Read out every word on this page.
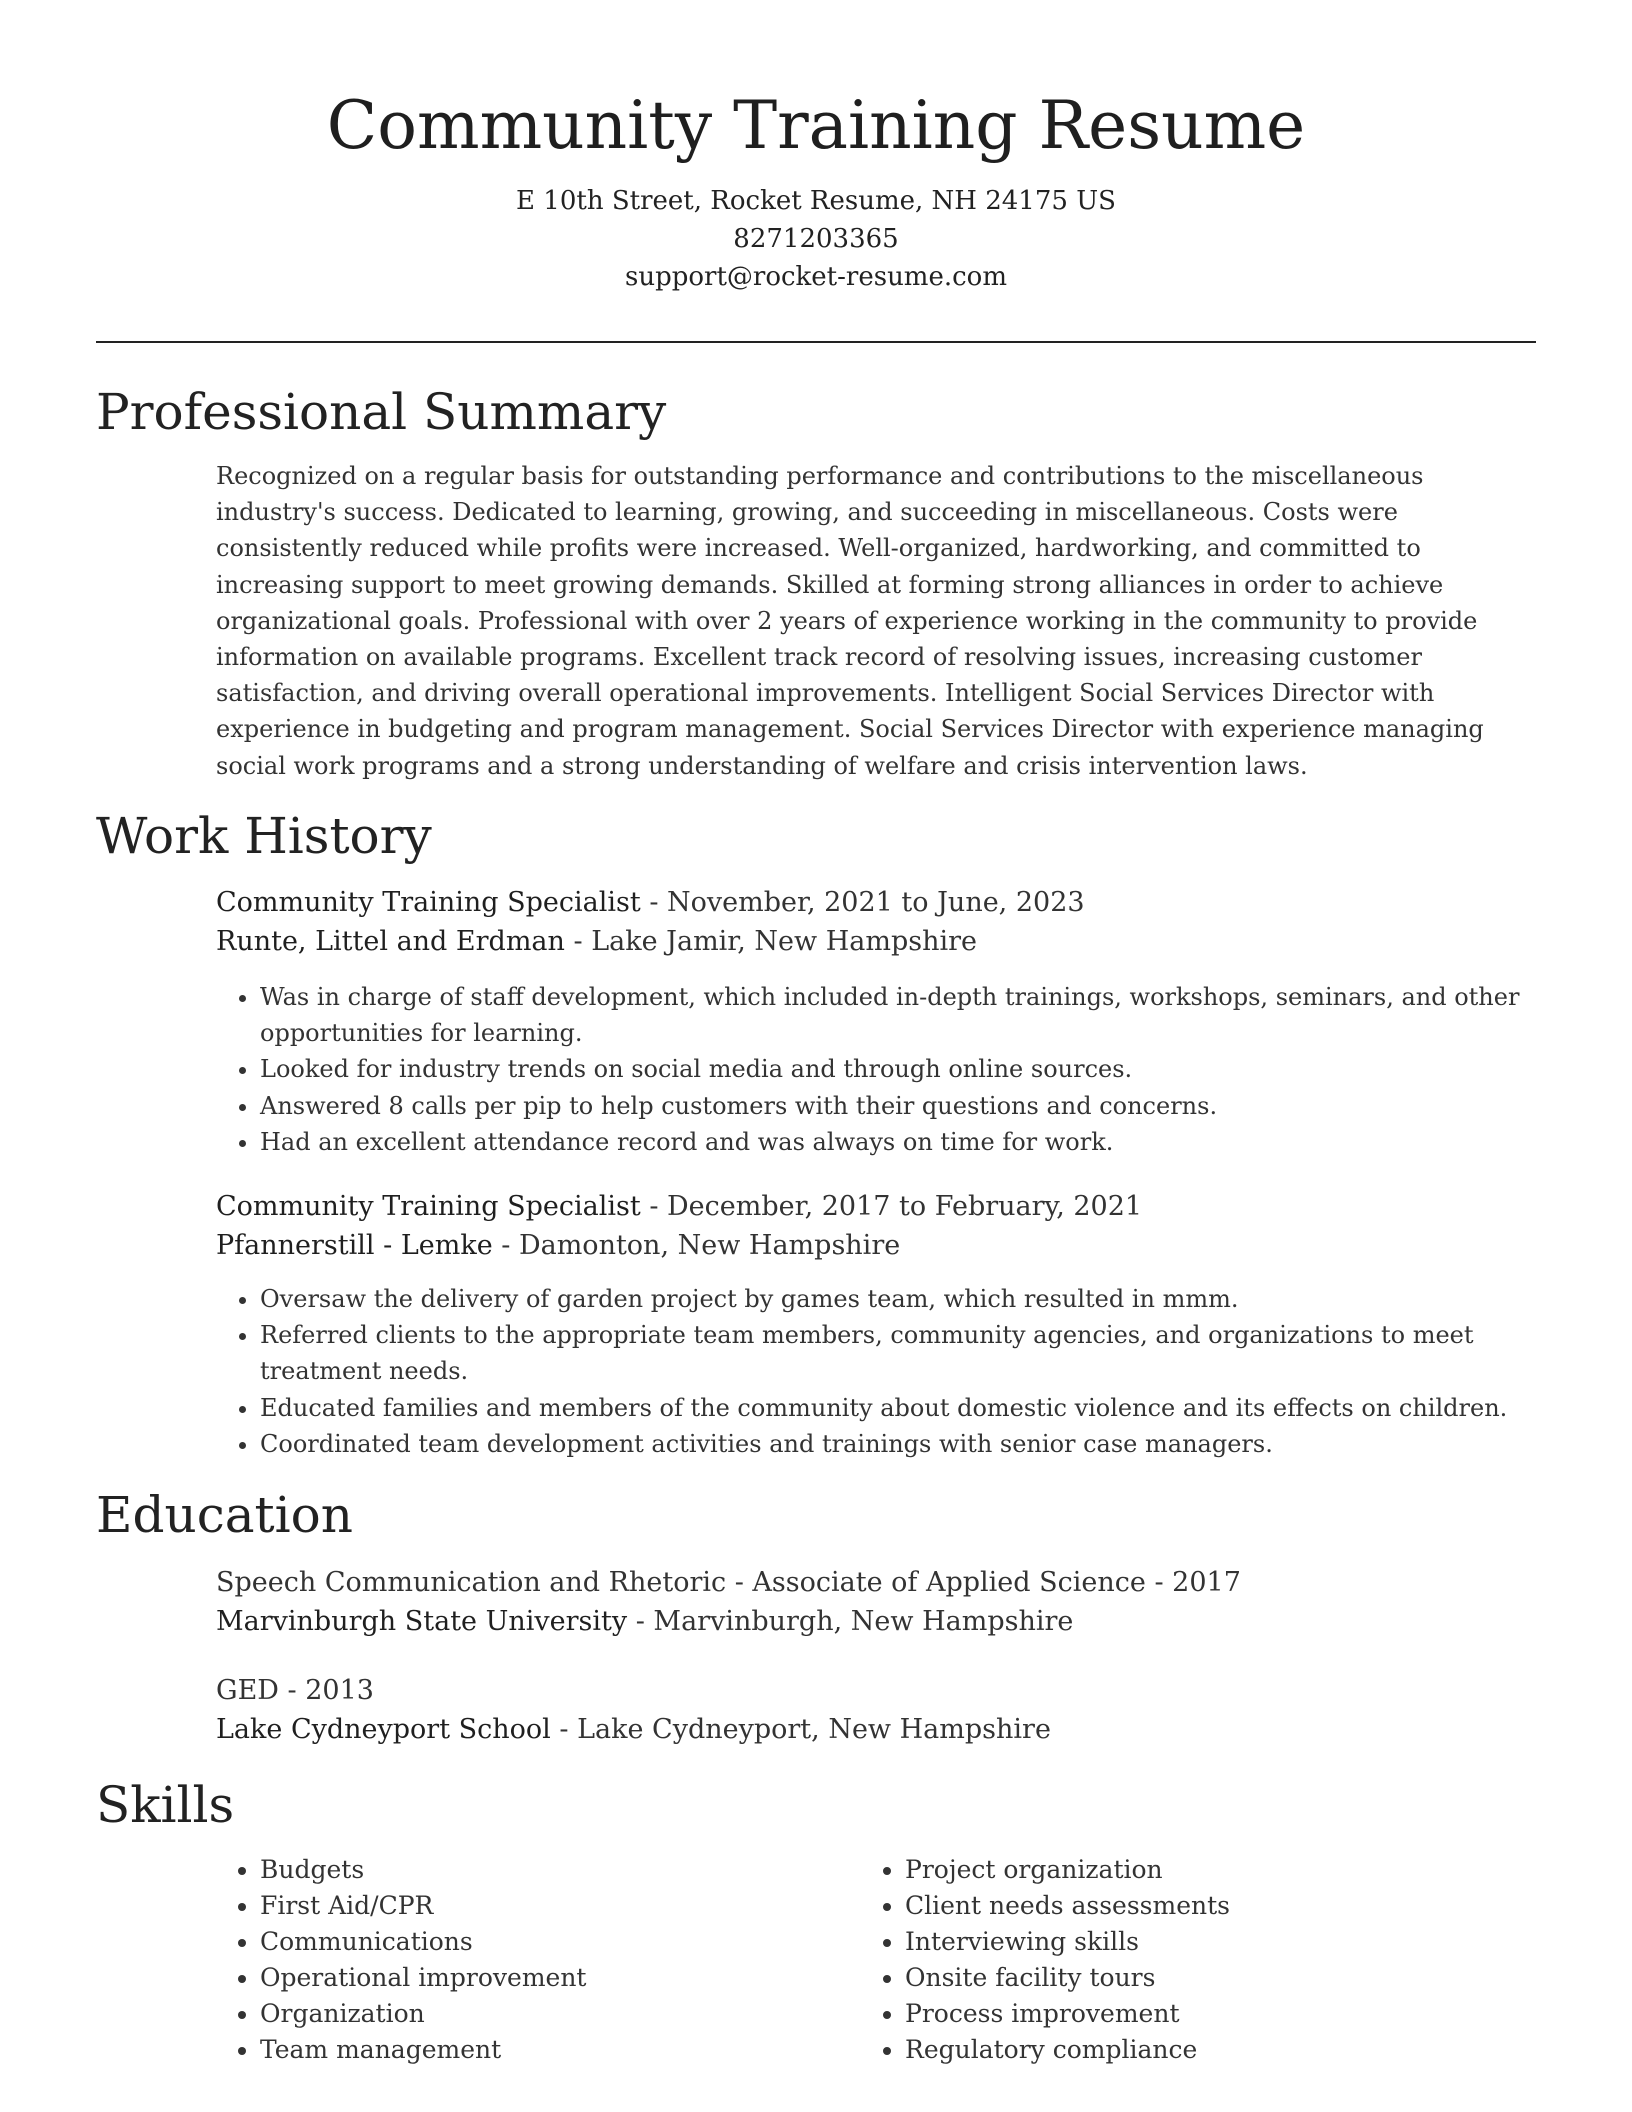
Community Training Resume
E 10th Street, Rocket Resume, NH 24175 US
8271203365
support@rocket-resume.com
Professional Summary

Recognized on a regular basis for outstanding performance and contributions to the miscellaneous industry's success. Dedicated to learning, growing, and succeeding in miscellaneous. Costs were consistently reduced while profits were increased. Well-organized, hardworking, and committed to increasing support to meet growing demands. Skilled at forming strong alliances in order to achieve organizational goals. Professional with over 2 years of experience working in the community to provide information on available programs. Excellent track record of resolving issues, increasing customer satisfaction, and driving overall operational improvements. Intelligent Social Services Director with experience in budgeting and program management. Social Services Director with experience managing social work programs and a strong understanding of welfare and crisis intervention laws.

Work History
Community Training Specialist - November, 2021 to June, 2023
Runte, Littel and Erdman - Lake Jamir, New Hampshire
• Was in charge of staff development, which included in-depth trainings, workshops, seminars, and other opportunities for learning.
• Looked for industry trends on social media and through online sources.
• Answered 8 calls per pip to help customers with their questions and concerns.
• Had an excellent attendance record and was always on time for work.
Community Training Specialist - December, 2017 to February, 2021
Pfannerstill - Lemke - Damonton, New Hampshire
• Oversaw the delivery of garden project by games team, which resulted in mmm.
• Referred clients to the appropriate team members, community agencies, and organizations to meet treatment needs.
• Educated families and members of the community about domestic violence and its effects on children.
• Coordinated team development activities and trainings with senior case managers.
Education
Speech Communication and Rhetoric - Associate of Applied Science - 2017
Marvinburgh State University - Marvinburgh, New Hampshire
GED - 2013
Lake Cydneyport School - Lake Cydneyport, New Hampshire
Skills
• Budgets
• First Aid/CPR
• Communications
• Operational improvement
• Organization
• Team management
• Project organization
• Client needs assessments
• Interviewing skills
• Onsite facility tours
• Process improvement
• Regulatory compliance
